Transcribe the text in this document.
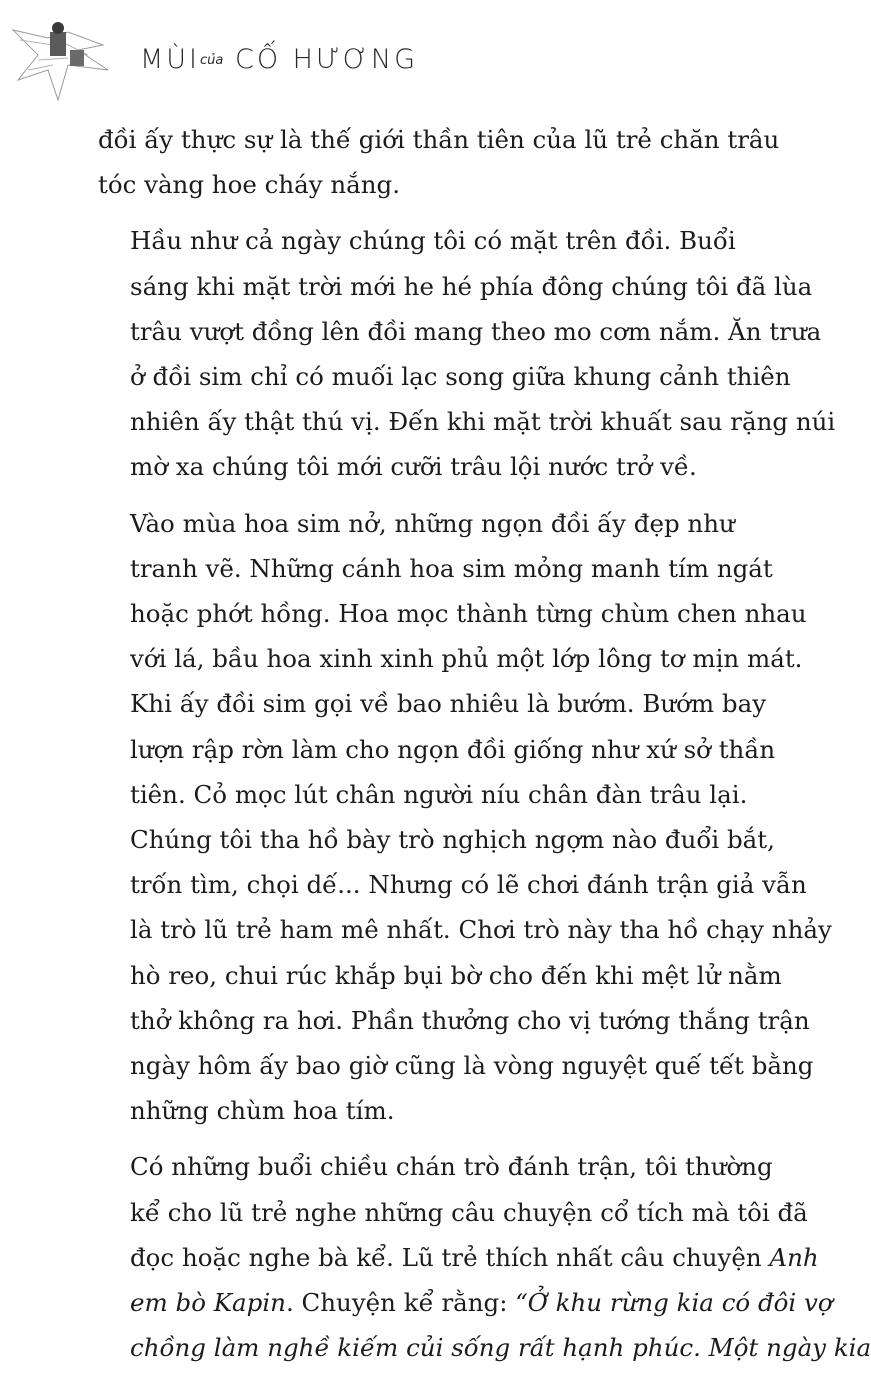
MÙIcủa CỐ HƯƠNG

đồi ấy thực sự là thế giới thần tiên của lũ trẻ chăn trâu
tóc vàng hoe cháy nắng.

Hầu như cả ngày chúng tôi có mặt trên đồi. Buổi
sáng khi mặt trời mới he hé phía đông chúng tôi đã lùa
trâu vượt đồng lên đồi mang theo mo cơm nắm. Ăn trưa
ở đồi sim chỉ có muối lạc song giữa khung cảnh thiên
nhiên ấy thật thú vị. Đến khi mặt trời khuất sau rặng núi
mờ xa chúng tôi mới cưỡi trâu lội nước trở về.

Vào mùa hoa sim nở, những ngọn đồi ấy đẹp như
tranh vẽ. Những cánh hoa sim mỏng manh tím ngát
hoặc phớt hồng. Hoa mọc thành từng chùm chen nhau
với lá, bầu hoa xinh xinh phủ một lớp lông tơ mịn mát.
Khi ấy đồi sim gọi về bao nhiêu là bướm. Bướm bay
lượn rập rờn làm cho ngọn đồi giống như xứ sở thần
tiên. Cỏ mọc lút chân người níu chân đàn trâu lại.
Chúng tôi tha hồ bày trò nghịch ngợm nào đuổi bắt,
trốn tìm, chọi dế... Nhưng có lẽ chơi đánh trận giả vẫn
là trò lũ trẻ ham mê nhất. Chơi trò này tha hồ chạy nhảy
hò reo, chui rúc khắp bụi bờ cho đến khi mệt lử nằm
thở không ra hơi. Phần thưởng cho vị tướng thắng trận
ngày hôm ấy bao giờ cũng là vòng nguyệt quế tết bằng
những chùm hoa tím.

Có những buổi chiều chán trò đánh trận, tôi thường
kể cho lũ trẻ nghe những câu chuyện cổ tích mà tôi đã
đọc hoặc nghe bà kể. Lũ trẻ thích nhất câu chuyện Anh
em bò Kapin. Chuyện kể rằng: “Ở khu rừng kia có đôi vợ
chồng làm nghề kiếm củi sống rất hạnh phúc. Một ngày kia
